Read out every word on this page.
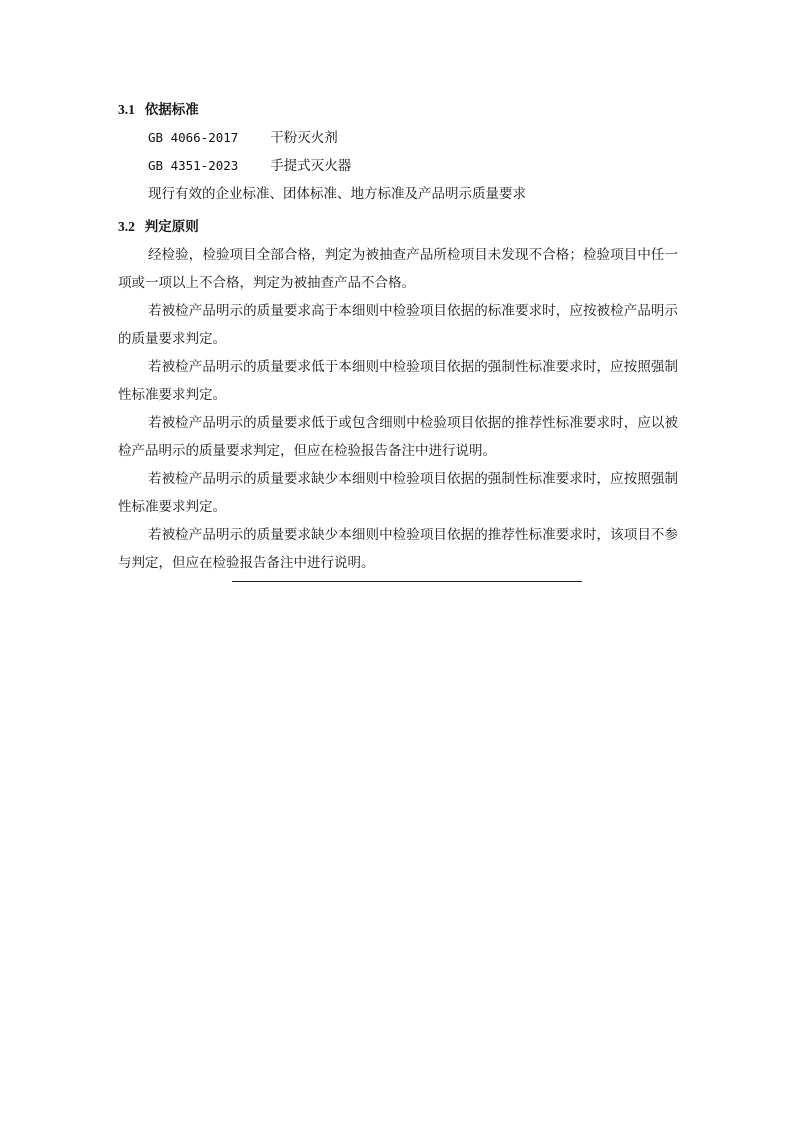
3.1 依据标准
GB 4066-2017 干粉灭火剂
GB 4351-2023 手提式灭火器
现行有效的企业标准、团体标准、地方标准及产品明示质量要求
3.2 判定原则

经检验，检验项目全部合格，判定为被抽查产品所检项目未发现不合格；检验项目中任一项或一项以上不合格，判定为被抽查产品不合格。

若被检产品明示的质量要求高于本细则中检验项目依据的标准要求时，应按被检产品明示的质量要求判定。

若被检产品明示的质量要求低于本细则中检验项目依据的强制性标准要求时，应按照强制性标准要求判定。

若被检产品明示的质量要求低于或包含细则中检验项目依据的推荐性标准要求时，应以被检产品明示的质量要求判定，但应在检验报告备注中进行说明。

若被检产品明示的质量要求缺少本细则中检验项目依据的强制性标准要求时，应按照强制性标准要求判定。

若被检产品明示的质量要求缺少本细则中检验项目依据的推荐性标准要求时，该项目不参与判定，但应在检验报告备注中进行说明。
